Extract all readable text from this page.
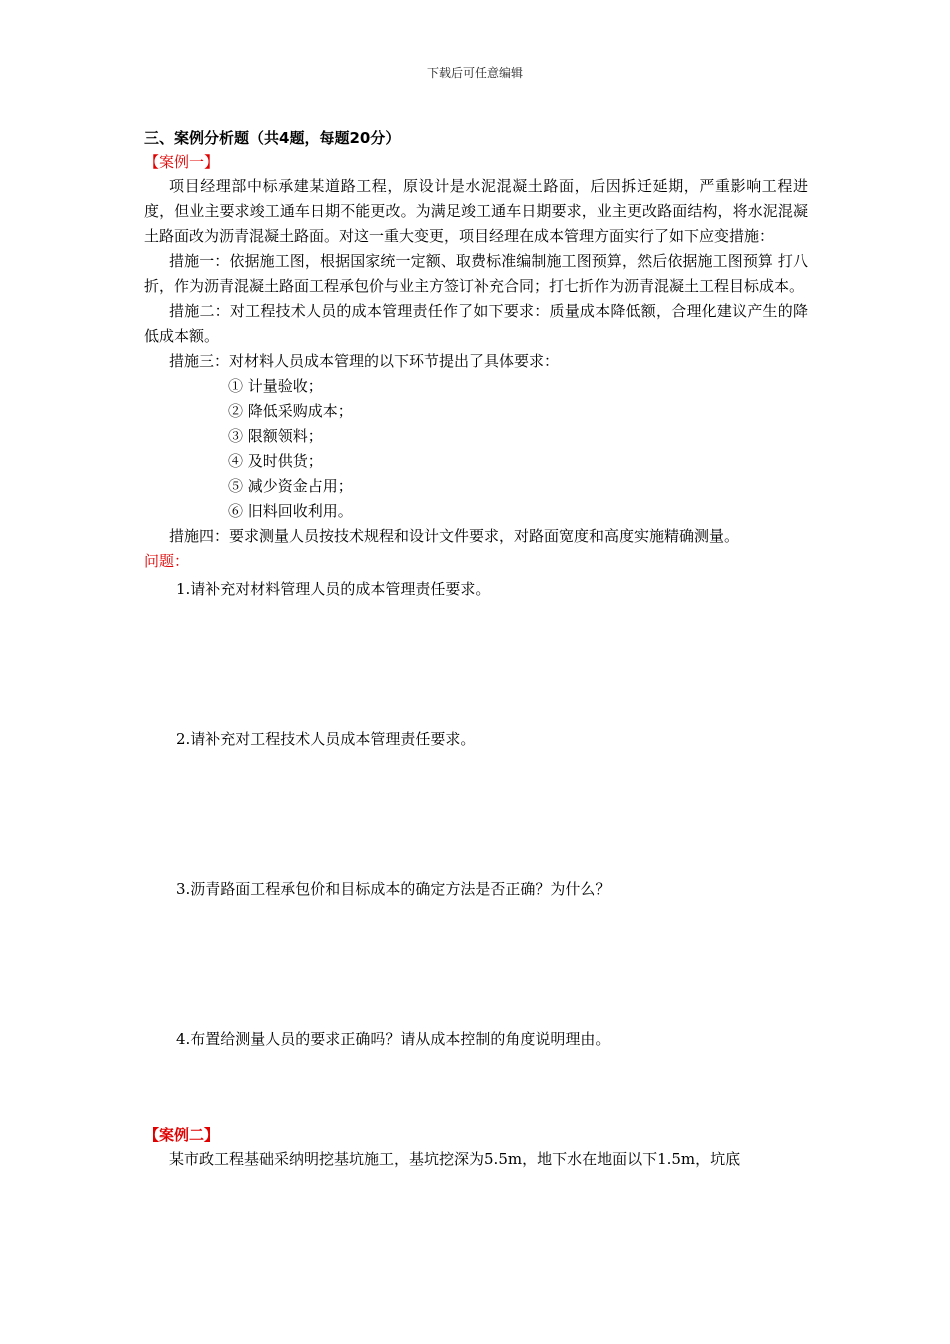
下载后可任意编辑
三、案例分析题（共4题，每题20分）
【案例一】

项目经理部中标承建某道路工程，原设计是水泥混凝土路面，后因拆迁延期，严重影响工程进度，但业主要求竣工通车日期不能更改。为满足竣工通车日期要求，业主更改路面结构，将水泥混凝土路面改为沥青混凝土路面。对这一重大变更，项目经理在成本管理方面实行了如下应变措施：

措施一：依据施工图，根据国家统一定额、取费标准编制施工图预算，然后依据施工图预算 打八折，作为沥青混凝土路面工程承包价与业主方签订补充合同；打七折作为沥青混凝土工程目标成本。

措施二：对工程技术人员的成本管理责任作了如下要求：质量成本降低额，合理化建议产生的降低成本额。

措施三：对材料人员成本管理的以下环节提出了具体要求：

① 计量验收；

② 降低采购成本；

③ 限额领料；

④ 及时供货；

⑤ 减少资金占用；

⑥ 旧料回收利用。

措施四：要求测量人员按技术规程和设计文件要求，对路面宽度和高度实施精确测量。

问题：

1.请补充对材料管理人员的成本管理责任要求。

2.请补充对工程技术人员成本管理责任要求。

3.沥青路面工程承包价和目标成本的确定方法是否正确？为什么？

4.布置给测量人员的要求正确吗？请从成本控制的角度说明理由。

【案例二】

某市政工程基础采纳明挖基坑施工，基坑挖深为5.5m，地下水在地面以下1.5m，坑底
